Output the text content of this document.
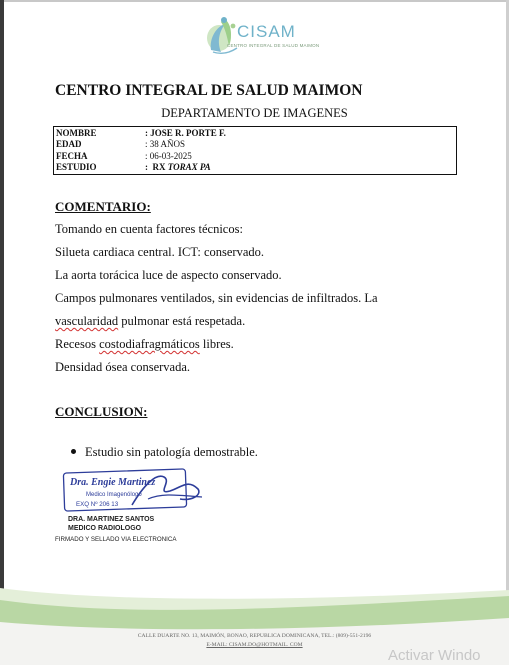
CISAM
CENTRO INTEGRAL DE SALUD MAIMON
CENTRO INTEGRAL DE SALUD MAIMON
DEPARTAMENTO DE IMAGENES
NOMBRE	: JOSE R. PORTE F.
EDAD	: 38 AÑOS
FECHA	: 06-03-2025
ESTUDIO	:  RX TORAX PA
COMENTARIO:
Tomando en cuenta factores técnicos:
Silueta cardiaca central. ICT: conservado.
La aorta torácica luce de aspecto conservado.
Campos pulmonares ventilados, sin evidencias de infiltrados. La
vascularidad pulmonar está respetada.
Recesos costodiafragmáticos libres.
Densidad ósea conservada.
CONCLUSION:
Estudio sin patología demostrable.
Dra. Engie Martinez
Medico Imagenólogo
EXQ Nº 206 13
DRA. MARTINEZ SANTOS
MEDICO RADIOLOGO
FIRMADO Y SELLADO VIA ELECTRONICA
CALLE DUARTE NO. 13, MAIMÓN, BONAO, REPUBLICA DOMINICANA, TEL.: (809)-551-2196
E-MAIL: CISAM.DO@HOTMAIL. COM
Activar Windo
